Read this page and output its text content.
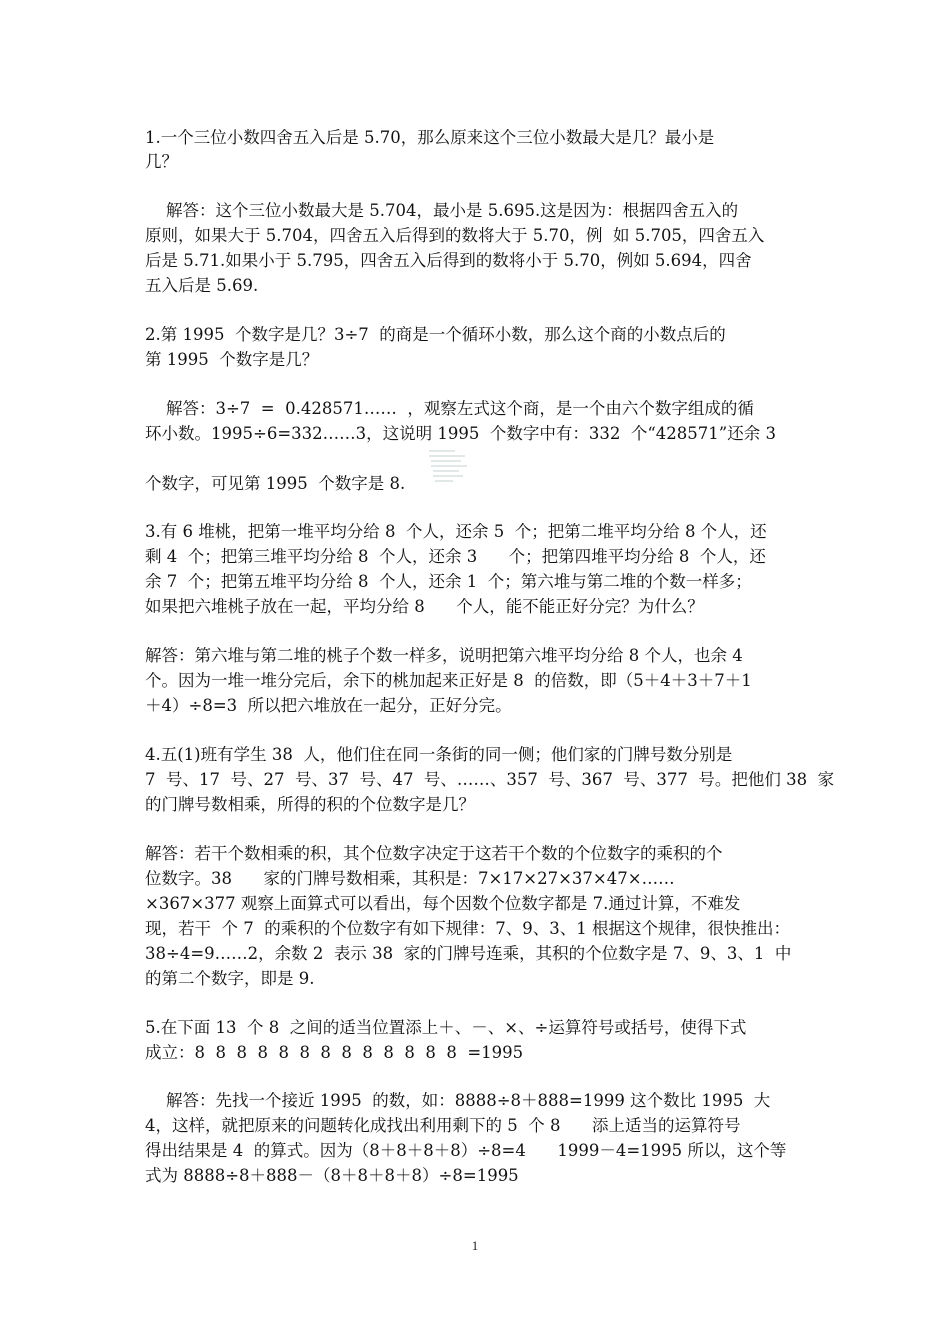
1.一个三位小数四舍五入后是 5.70，那么原来这个三位小数最大是几？最小是
几？
解答：这个三位小数最大是 5.704，最小是 5.695.这是因为：根据四舍五入的
原则，如果大于 5.704，四舍五入后得到的数将大于 5.70，例  如 5.705，四舍五入
后是 5.71.如果小于 5.795，四舍五入后得到的数将小于 5.70，例如 5.694，四舍
五入后是 5.69.
2.第 1995  个数字是几？3÷7  的商是一个循环小数，那么这个商的小数点后的
第 1995  个数字是几？
解答：3÷7  =  0.428571……  ，观察左式这个商，是一个由六个数字组成的循
环小数。1995÷6=332……3，这说明 1995  个数字中有：332  个“428571”还余 3
个数字，可见第 1995  个数字是 8.
3.有 6 堆桃，把第一堆平均分给 8  个人，还余 5  个；把第二堆平均分给 8 个人，还
剩 4  个；把第三堆平均分给 8  个人，还余 3      个；把第四堆平均分给 8  个人，还
余 7  个；把第五堆平均分给 8  个人，还余 1  个；第六堆与第二堆的个数一样多；
如果把六堆桃子放在一起，平均分给 8      个人，能不能正好分完？为什么？
解答：第六堆与第二堆的桃子个数一样多，说明把第六堆平均分给 8 个人，也余 4
个。因为一堆一堆分完后，余下的桃加起来正好是 8  的倍数，即（5＋4＋3＋7＋1
＋4）÷8=3  所以把六堆放在一起分，正好分完。
4.五(1)班有学生 38  人，他们住在同一条街的同一侧；他们家的门牌号数分别是
7  号、17  号、27  号、37  号、47  号、……、357  号、367  号、377  号。把他们 38  家
的门牌号数相乘，所得的积的个位数字是几？
解答：若干个数相乘的积，其个位数字决定于这若干个数的个位数字的乘积的个
位数字。38      家的门牌号数相乘，其积是：7×17×27×37×47×……
×367×377 观察上面算式可以看出，每个因数个位数字都是 7.通过计算，不难发
现，若干  个 7  的乘积的个位数字有如下规律：7、9、3、1 根据这个规律，很快推出：
38÷4=9……2，余数 2  表示 38  家的门牌号连乘，其积的个位数字是 7、9、3、1  中
的第二个数字，即是 9.
5.在下面 13  个 8  之间的适当位置添上＋、－、×、÷运算符号或括号，使得下式
成立：8  8  8  8  8  8  8  8  8  8  8  8  8  =1995
解答：先找一个接近 1995  的数，如：8888÷8＋888=1999 这个数比 1995  大
4，这样，就把原来的问题转化成找出利用剩下的 5  个 8      添上适当的运算符号
得出结果是 4  的算式。因为（8＋8＋8＋8）÷8=4      1999－4=1995 所以，这个等
式为 8888÷8＋888－（8＋8＋8＋8）÷8=1995
1
